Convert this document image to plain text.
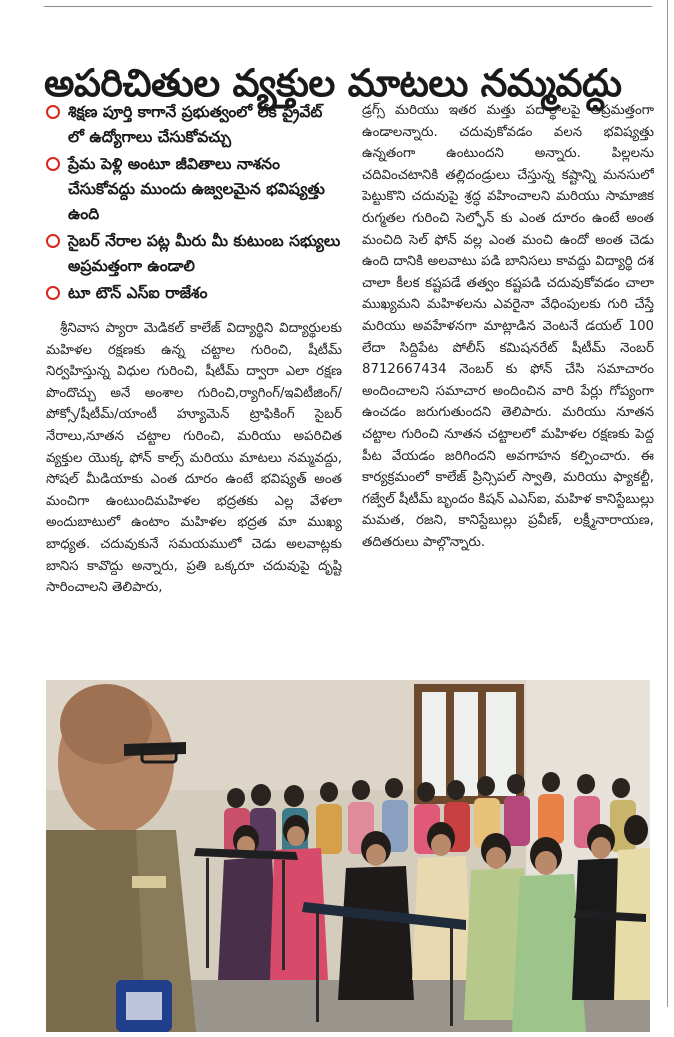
అపరిచితుల వ్యక్తుల మాటలు నమ్మవద్దు
శిక్షణ పూర్తి కాగానే ప్రభుత్వంలో లేక ప్రైవేట్ లో ఉద్యోగాలు చేసుకోవచ్చు
ప్రేమ పెళ్లి అంటూ జీవితాలు నాశనం చేసుకోవద్దు ముందు ఉజ్వలమైన భవిష్యత్తు ఉంది
సైబర్ నేరాల పట్ల మీరు మీ కుటుంబ సభ్యులు అప్రమత్తంగా ఉండాలి
టూ టౌన్ ఎస్ఐ రాజేశం

శ్రీనివాస ప్యారా మెడికల్ కాలేజ్ విద్యార్థిని విద్యార్థులకు మహిళల రక్షణకు ఉన్న చట్టాల గురించి, షీటీమ్ నిర్వహిస్తున్న విధుల గురించి, షీటీమ్ ద్వారా ఎలా రక్షణ పొందొచ్చు అనే అంశాల గురించి,ర్యాగింగ్/ఇవిటీజింగ్/పోక్సో/షీటీమ్/యాంటీ హ్యూమెన్ ట్రాఫికింగ్ సైబర్ నేరాలు,నూతన చట్టాల గురించి, మరియు అపరిచిత వ్యక్తుల యొక్క ఫోన్ కాల్స్ మరియు మాటలు నమ్మవద్దు, సోషల్ మీడియాకు ఎంత దూరం ఉంటే భవిష్యత్ అంత మంచిగా ఉంటుందిమహిళల భద్రతకు ఎల్ల వేళలా అందుబాటులో ఉంటాం మహిళల భద్రత మా ముఖ్య బాధ్యత. చదువుకునే సమయములో చెడు అలవాట్లకు బానిస కావొద్దు అన్నారు, ప్రతి ఒక్కరూ చదువుపై దృష్టి సారించాలని తెలిపారు,

డ్రగ్స్ మరియు ఇతర మత్తు పదార్థాలపై అప్రమత్తంగా ఉండాలన్నారు. చదువుకోవడం వలన భవిష్యత్తు ఉన్నతంగా ఉంటుందని అన్నారు. పిల్లలను చదివించటానికి తల్లిదండ్రులు చేస్తున్న కష్టాన్ని మనసులో పెట్టుకొని చదువుపై శ్రద్ధ వహించాలని మరియు సామాజిక రుగ్మతల గురించి సెల్ఫోన్ కు ఎంత దూరం ఉంటే అంత మంచిది సెల్ ఫోన్ వల్ల ఎంత మంచి ఉందో అంత చెడు ఉంది దానికి అలవాటు పడి బానిసలు కావద్దు విద్యార్థి దశ చాలా కీలక కష్టపడే తత్వం కష్టపడి చదువుకోవడం చాలా ముఖ్యమని మహిళలను ఎవరైనా వేధింపులకు గురి చేస్తే మరియు అవహేళనగా మాట్లాడిన వెంటనే డయల్ 100 లేదా సిద్దిపేట పోలీస్ కమిషనరేట్ షీటీమ్ నెంబర్ 8712667434 నెంబర్ కు ఫోన్ చేసి సమాచారం అందించాలని సమాచార అందించిన వారి పేర్లు గోప్యంగా ఉంచడం జరుగుతుందని తెలిపారు. మరియు నూతన చట్టాల గురించి నూతన చట్టాలలో మహిళల రక్షణకు పెద్ద పీట వేయడం జరిగిందని అవగాహన కల్పించారు. ఈ కార్యక్రమంలో కాలేజ్ ప్రిన్సిపల్ స్వాతి, మరియు ఫ్యాకల్టీ, గజ్వేల్ షీటీమ్ బృందం కిషన్ ఎఎస్ఐ, మహిళ కానిస్టేబుల్లు మమత, రజని, కానిస్టేబుల్లు ప్రవీణ్, లక్ష్మీనారాయణ, తదితరులు పాల్గొన్నారు.
